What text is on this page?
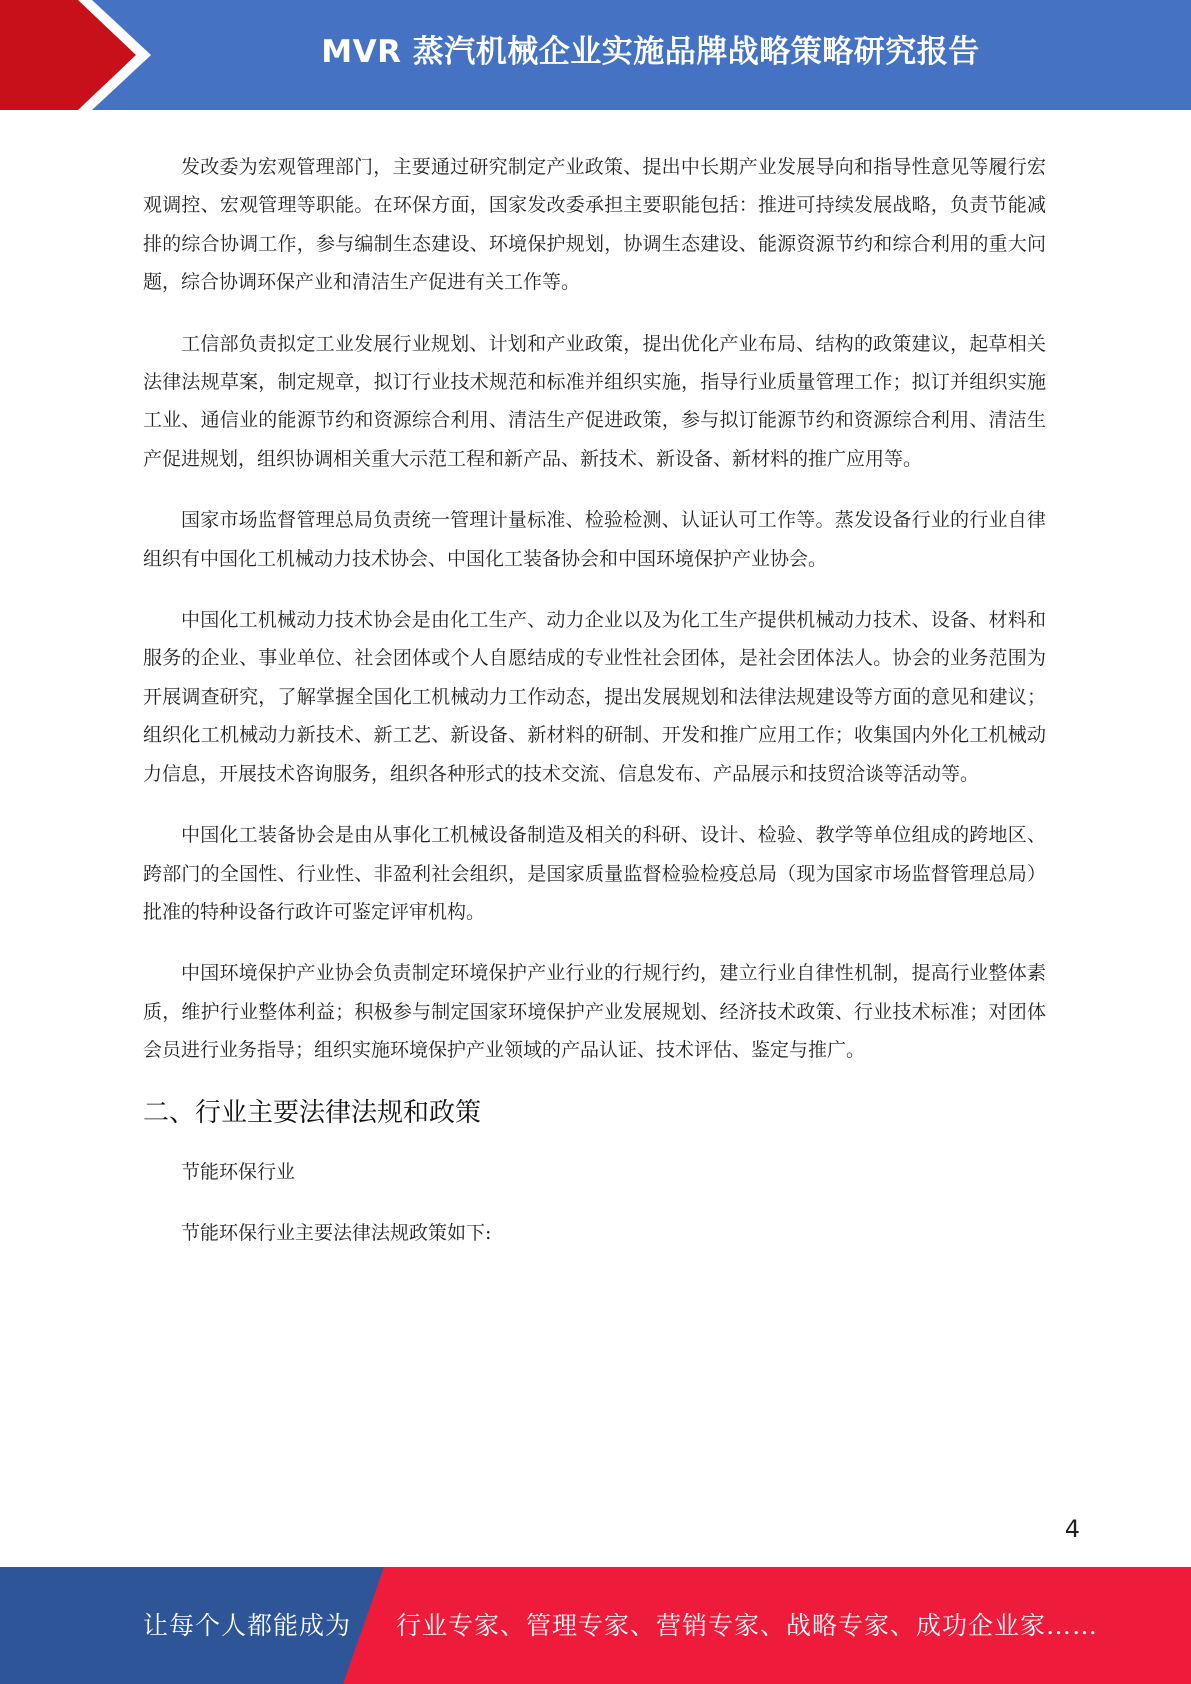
MVR 蒸汽机械企业实施品牌战略策略研究报告

发改委为宏观管理部门，主要通过研究制定产业政策、提出中长期产业发展导向和指导性意见等履行宏观调控、宏观管理等职能。在环保方面，国家发改委承担主要职能包括：推进可持续发展战略，负责节能减排的综合协调工作，参与编制生态建设、环境保护规划，协调生态建设、能源资源节约和综合利用的重大问题，综合协调环保产业和清洁生产促进有关工作等。

工信部负责拟定工业发展行业规划、计划和产业政策，提出优化产业布局、结构的政策建议，起草相关法律法规草案，制定规章，拟订行业技术规范和标准并组织实施，指导行业质量管理工作；拟订并组织实施工业、通信业的能源节约和资源综合利用、清洁生产促进政策，参与拟订能源节约和资源综合利用、清洁生产促进规划，组织协调相关重大示范工程和新产品、新技术、新设备、新材料的推广应用等。

国家市场监督管理总局负责统一管理计量标准、检验检测、认证认可工作等。蒸发设备行业的行业自律组织有中国化工机械动力技术协会、中国化工装备协会和中国环境保护产业协会。

中国化工机械动力技术协会是由化工生产、动力企业以及为化工生产提供机械动力技术、设备、材料和服务的企业、事业单位、社会团体或个人自愿结成的专业性社会团体，是社会团体法人。协会的业务范围为开展调查研究，了解掌握全国化工机械动力工作动态，提出发展规划和法律法规建设等方面的意见和建议；组织化工机械动力新技术、新工艺、新设备、新材料的研制、开发和推广应用工作；收集国内外化工机械动力信息，开展技术咨询服务，组织各种形式的技术交流、信息发布、产品展示和技贸洽谈等活动等。

中国化工装备协会是由从事化工机械设备制造及相关的科研、设计、检验、教学等单位组成的跨地区、跨部门的全国性、行业性、非盈利社会组织，是国家质量监督检验检疫总局（现为国家市场监督管理总局）批准的特种设备行政许可鉴定评审机构。

中国环境保护产业协会负责制定环境保护产业行业的行规行约，建立行业自律性机制，提高行业整体素质，维护行业整体利益；积极参与制定国家环境保护产业发展规划、经济技术政策、行业技术标准；对团体会员进行业务指导；组织实施环境保护产业领域的产品认证、技术评估、鉴定与推广。

二、行业主要法律法规和政策

节能环保行业

节能环保行业主要法律法规政策如下:

4
让每个人都能成为 行业专家、管理专家、营销专家、战略专家、成功企业家……
